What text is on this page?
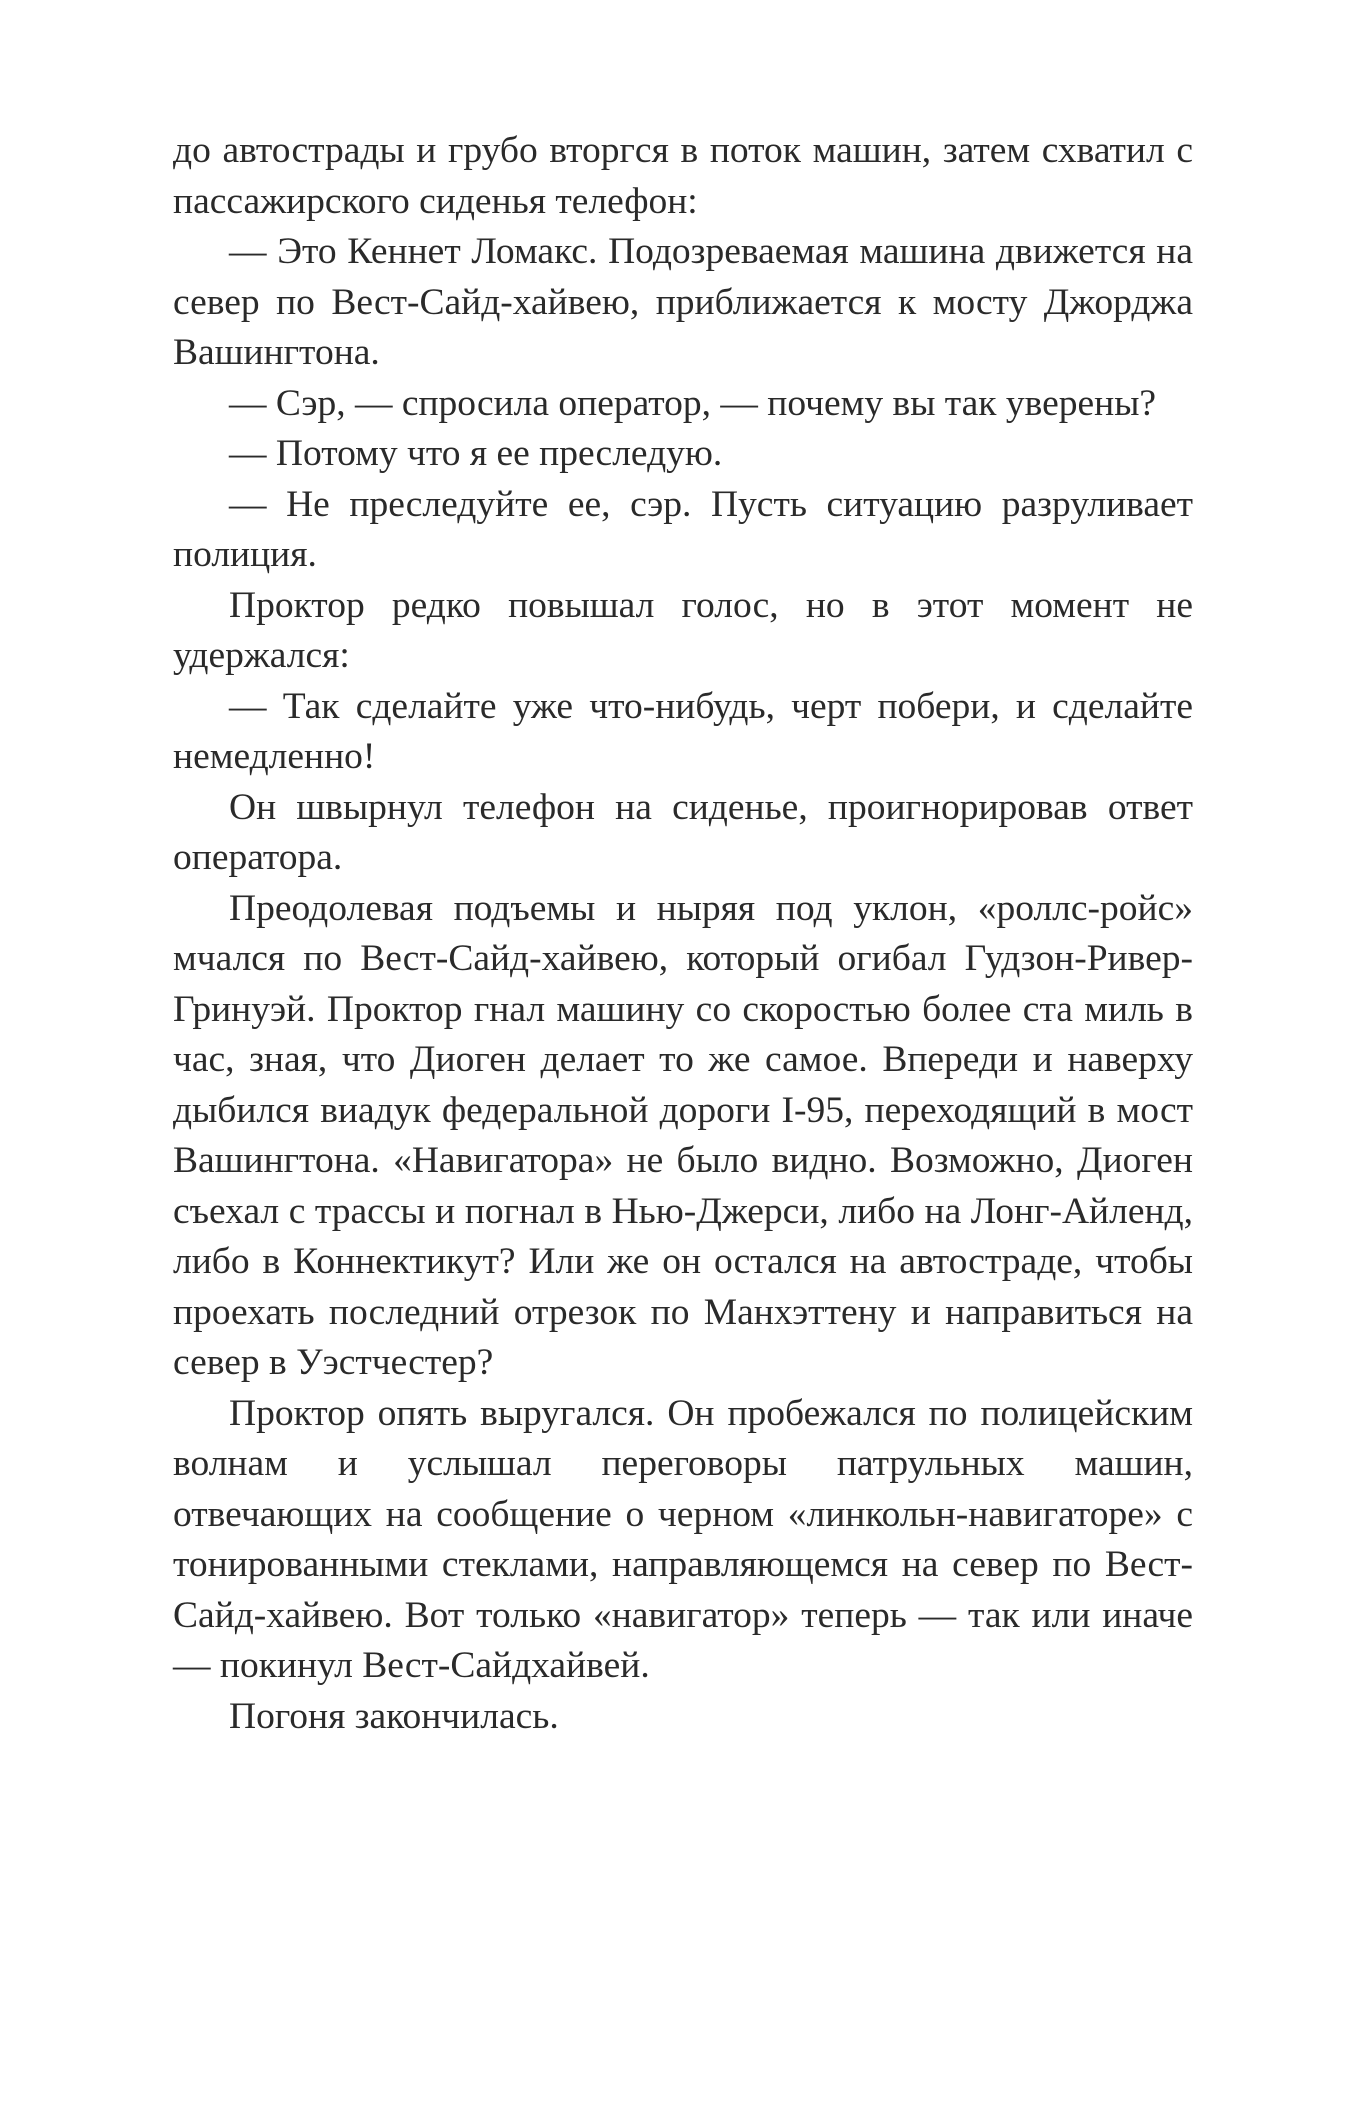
до автострады и грубо вторгся в поток машин, затем схватил с пассажирского сиденья телефон:

— Это Кеннет Ломакс. Подозреваемая машина движется на север по Вест-Сайд-хайвею, приближается к мосту Джорджа Вашингтона.

— Сэр, — спросила оператор, — почему вы так уверены?

— Потому что я ее преследую.

— Не преследуйте ее, сэр. Пусть ситуацию разруливает полиция.

Проктор редко повышал голос, но в этот момент не удержался:

— Так сделайте уже что-нибудь, черт побери, и сделайте немедленно!

Он швырнул телефон на сиденье, проигнорировав ответ оператора.

Преодолевая подъемы и ныряя под уклон, «роллс-ройс» мчался по Вест-Сайд-хайвею, который огибал Гудзон-Ривер-Гринуэй. Проктор гнал машину со скоростью более ста миль в час, зная, что Диоген делает то же самое. Впереди и наверху дыбился виадук федеральной дороги I-95, переходящий в мост Вашингтона. «Навигатора» не было видно. Возможно, Диоген съехал с трассы и погнал в Нью-Джерси, либо на Лонг-Айленд, либо в Коннектикут? Или же он остался на автостраде, чтобы проехать последний отрезок по Манхэттену и направиться на север в Уэстчестер?

Проктор опять выругался. Он пробежался по полицейским волнам и услышал переговоры патрульных машин, отвечающих на сообщение о черном «линкольн-навигаторе» с тонированными стеклами, направляющемся на север по Вест-Сайд-хайвею. Вот только «навигатор» теперь — так или иначе — покинул Вест-Сайдхайвей.

Погоня закончилась.
